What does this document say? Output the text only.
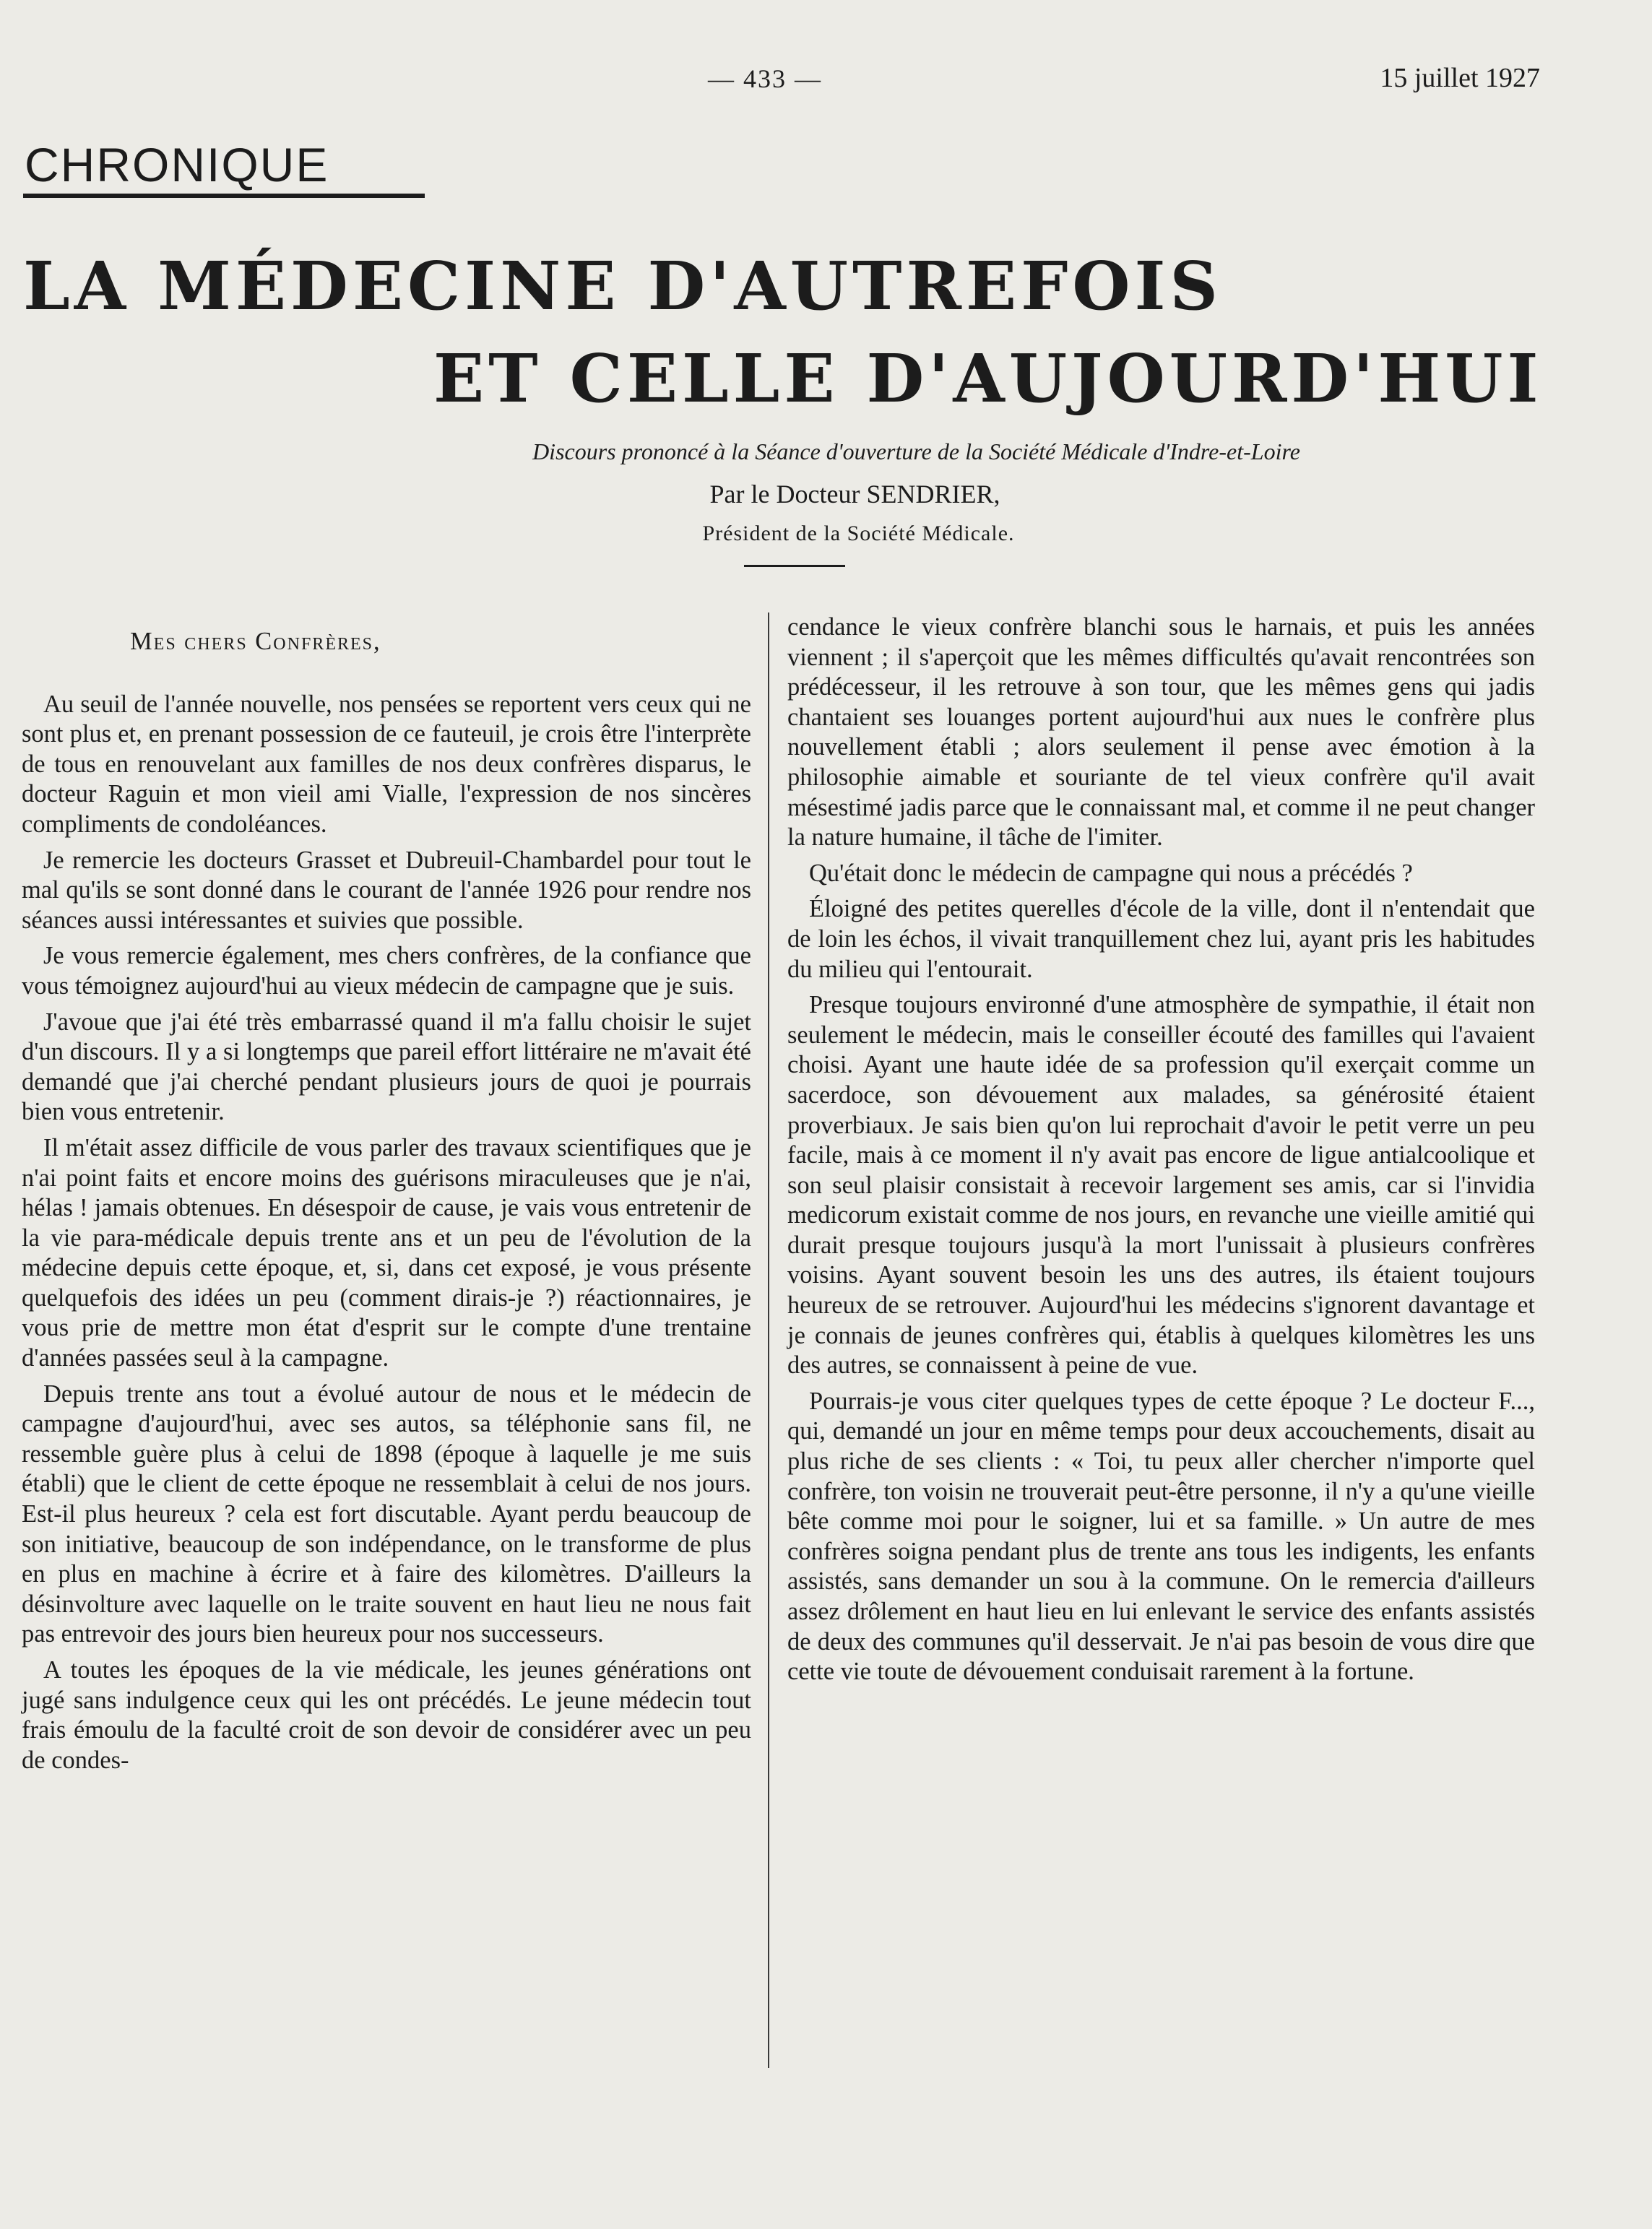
— 433 —	15 juillet 1927
CHRONIQUE
LA MÉDECINE D'AUTREFOIS
ET CELLE D'AUJOURD'HUI
Discours prononcé à la Séance d'ouverture de la Société Médicale d'Indre-et-Loire
Par le Docteur SENDRIER,
Président de la Société Médicale.
Mes chers Confrères,

Au seuil de l'année nouvelle, nos pensées se reportent vers ceux qui ne sont plus et, en prenant possession de ce fauteuil, je crois être l'interprète de tous en renouvelant aux familles de nos deux confrères disparus, le docteur Raguin et mon vieil ami Vialle, l'expression de nos sincères compliments de condoléances.

Je remercie les docteurs Grasset et Dubreuil-Chambardel pour tout le mal qu'ils se sont donné dans le courant de l'année 1926 pour rendre nos séances aussi intéressantes et suivies que possible.

Je vous remercie également, mes chers confrères, de la confiance que vous témoignez aujourd'hui au vieux médecin de campagne que je suis.

J'avoue que j'ai été très embarrassé quand il m'a fallu choisir le sujet d'un discours. Il y a si longtemps que pareil effort littéraire ne m'avait été demandé que j'ai cherché pendant plusieurs jours de quoi je pourrais bien vous entretenir.

Il m'était assez difficile de vous parler des travaux scientifiques que je n'ai point faits et encore moins des guérisons miraculeuses que je n'ai, hélas ! jamais obtenues. En désespoir de cause, je vais vous entretenir de la vie para-médicale depuis trente ans et un peu de l'évolution de la médecine depuis cette époque, et, si, dans cet exposé, je vous présente quelquefois des idées un peu (comment dirais-je ?) réactionnaires, je vous prie de mettre mon état d'esprit sur le compte d'une trentaine d'années passées seul à la campagne.

Depuis trente ans tout a évolué autour de nous et le médecin de campagne d'aujourd'hui, avec ses autos, sa téléphonie sans fil, ne ressemble guère plus à celui de 1898 (époque à laquelle je me suis établi) que le client de cette époque ne ressemblait à celui de nos jours. Est-il plus heureux ? cela est fort discutable. Ayant perdu beaucoup de son initiative, beaucoup de son indépendance, on le transforme de plus en plus en machine à écrire et à faire des kilomètres. D'ailleurs la désinvolture avec laquelle on le traite souvent en haut lieu ne nous fait pas entrevoir des jours bien heureux pour nos successeurs.

A toutes les époques de la vie médicale, les jeunes générations ont jugé sans indulgence ceux qui les ont précédés. Le jeune médecin tout frais émoulu de la faculté croit de son devoir de considérer avec un peu de condes-

cendance le vieux confrère blanchi sous le harnais, et puis les années viennent ; il s'aperçoit que les mêmes difficultés qu'avait rencontrées son prédécesseur, il les retrouve à son tour, que les mêmes gens qui jadis chantaient ses louanges portent aujourd'hui aux nues le confrère plus nouvellement établi ; alors seulement il pense avec émotion à la philosophie aimable et souriante de tel vieux confrère qu'il avait mésestimé jadis parce que le connaissant mal, et comme il ne peut changer la nature humaine, il tâche de l'imiter.

Qu'était donc le médecin de campagne qui nous a précédés ?

Éloigné des petites querelles d'école de la ville, dont il n'entendait que de loin les échos, il vivait tranquillement chez lui, ayant pris les habitudes du milieu qui l'entourait.

Presque toujours environné d'une atmosphère de sympathie, il était non seulement le médecin, mais le conseiller écouté des familles qui l'avaient choisi. Ayant une haute idée de sa profession qu'il exerçait comme un sacerdoce, son dévouement aux malades, sa générosité étaient proverbiaux. Je sais bien qu'on lui reprochait d'avoir le petit verre un peu facile, mais à ce moment il n'y avait pas encore de ligue antialcoolique et son seul plaisir consistait à recevoir largement ses amis, car si l'invidia medicorum existait comme de nos jours, en revanche une vieille amitié qui durait presque toujours jusqu'à la mort l'unissait à plusieurs confrères voisins. Ayant souvent besoin les uns des autres, ils étaient toujours heureux de se retrouver. Aujourd'hui les médecins s'ignorent davantage et je connais de jeunes confrères qui, établis à quelques kilomètres les uns des autres, se connaissent à peine de vue.

Pourrais-je vous citer quelques types de cette époque ? Le docteur F..., qui, demandé un jour en même temps pour deux accouchements, disait au plus riche de ses clients : « Toi, tu peux aller chercher n'importe quel confrère, ton voisin ne trouverait peut-être personne, il n'y a qu'une vieille bête comme moi pour le soigner, lui et sa famille. » Un autre de mes confrères soigna pendant plus de trente ans tous les indigents, les enfants assistés, sans demander un sou à la commune. On le remercia d'ailleurs assez drôlement en haut lieu en lui enlevant le service des enfants assistés de deux des communes qu'il desservait. Je n'ai pas besoin de vous dire que cette vie toute de dévouement conduisait rarement à la fortune.
